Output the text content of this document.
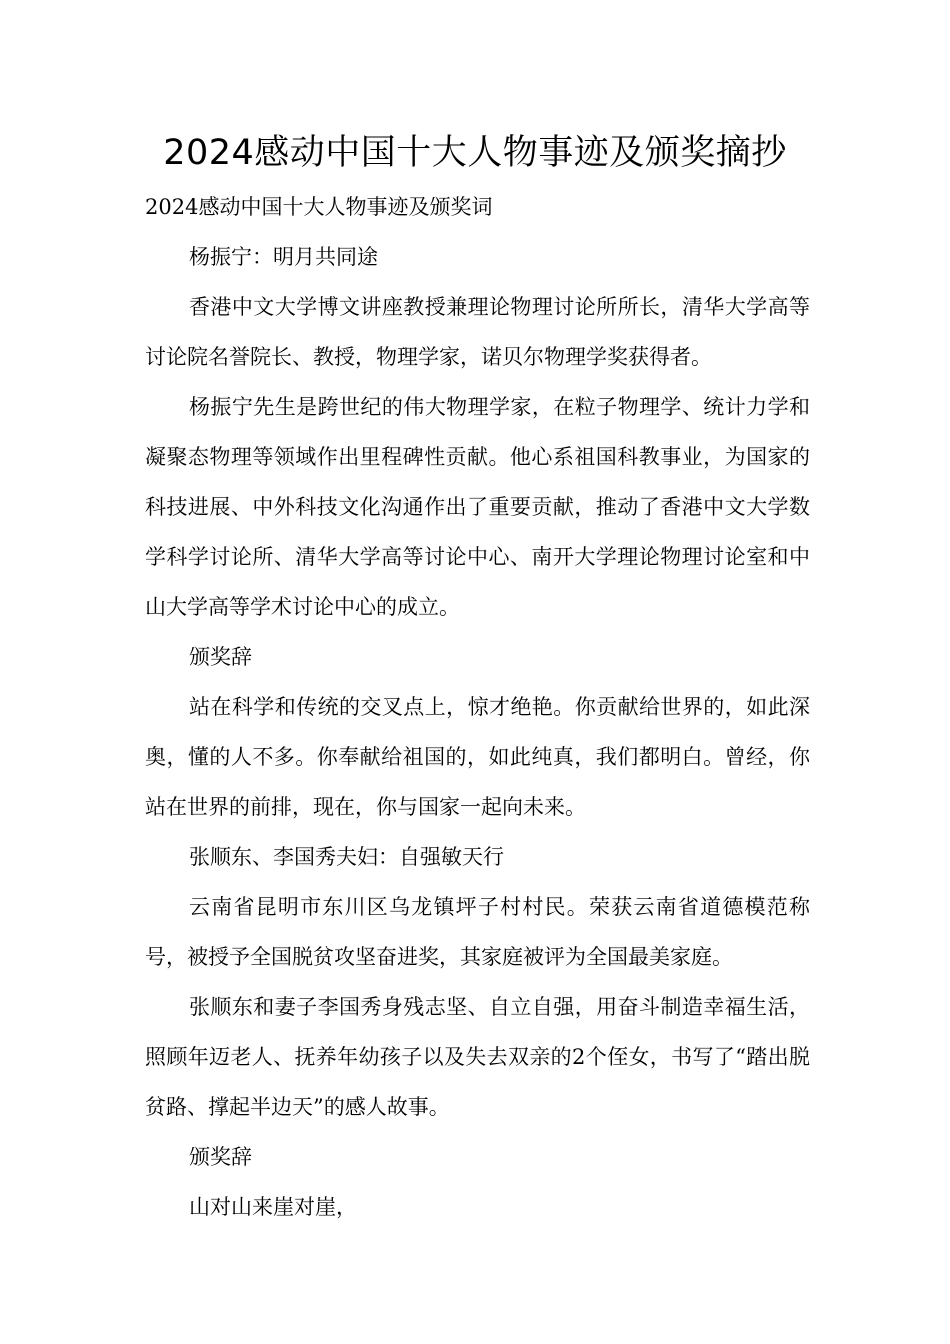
2024感动中国十大人物事迹及颁奖摘抄

2024感动中国十大人物事迹及颁奖词

杨振宁：明月共同途

香港中文大学博文讲座教授兼理论物理讨论所所长，清华大学高等讨论院名誉院长、教授，物理学家，诺贝尔物理学奖获得者。

杨振宁先生是跨世纪的伟大物理学家，在粒子物理学、统计力学和凝聚态物理等领域作出里程碑性贡献。他心系祖国科教事业，为国家的科技进展、中外科技文化沟通作出了重要贡献，推动了香港中文大学数学科学讨论所、清华大学高等讨论中心、南开大学理论物理讨论室和中山大学高等学术讨论中心的成立。

颁奖辞

站在科学和传统的交叉点上，惊才绝艳。你贡献给世界的，如此深奥，懂的人不多。你奉献给祖国的，如此纯真，我们都明白。曾经，你站在世界的前排，现在，你与国家一起向未来。

张顺东、李国秀夫妇：自强敏天行

云南省昆明市东川区乌龙镇坪子村村民。荣获云南省道德模范称号，被授予全国脱贫攻坚奋进奖，其家庭被评为全国最美家庭。

张顺东和妻子李国秀身残志坚、自立自强，用奋斗制造幸福生活，照顾年迈老人、抚养年幼孩子以及失去双亲的2个侄女，书写了“踏出脱贫路、撑起半边天”的感人故事。

颁奖辞

山对山来崖对崖，
